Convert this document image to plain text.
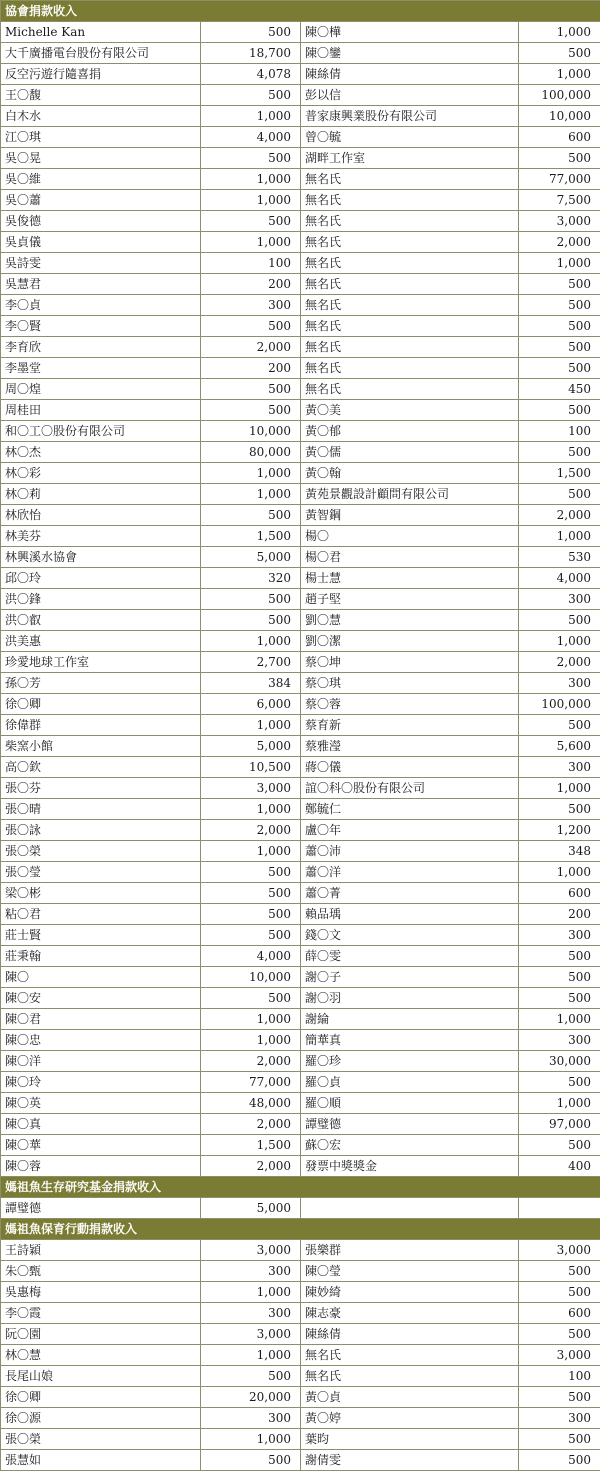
協會捐款收入			
Michelle Kan	500	陳〇樺	1,000
大千廣播電台股份有限公司	18,700	陳〇鑾	500
反空污遊行隨喜捐	4,078	陳絲倩	1,000
王〇馥	500	彭以信	100,000
白木水	1,000	普家康興業股份有限公司	10,000
江〇琪	4,000	曾〇毓	600
吳〇晃	500	湖畔工作室	500
吳〇維	1,000	無名氏	77,000
吳〇蕭	1,000	無名氏	7,500
吳俊德	500	無名氏	3,000
吳貞儀	1,000	無名氏	2,000
吳詩雯	100	無名氏	1,000
吳慧君	200	無名氏	500
李〇貞	300	無名氏	500
李〇賢	500	無名氏	500
李育欣	2,000	無名氏	500
李墨堂	200	無名氏	500
周〇煌	500	無名氏	450
周桂田	500	黃〇美	500
和〇工〇股份有限公司	10,000	黃〇郁	100
林〇杰	80,000	黃〇儒	500
林〇彩	1,000	黃〇翰	1,500
林〇莉	1,000	黃苑景觀設計顧問有限公司	500
林欣怡	500	黃智鋼	2,000
林美芬	1,500	楊〇	1,000
林興溪水協會	5,000	楊〇君	530
邱〇玲	320	楊士慧	4,000
洪〇鋒	500	趙子堅	300
洪〇叡	500	劉〇慧	500
洪美惠	1,000	劉〇潔	1,000
珍愛地球工作室	2,700	蔡〇坤	2,000
孫〇芳	384	蔡〇琪	300
徐〇卿	6,000	蔡〇蓉	100,000
徐偉群	1,000	蔡育新	500
柴窯小館	5,000	蔡雅瀅	5,600
高〇欽	10,500	蔣〇儀	300
張〇芬	3,000	誼〇科〇股份有限公司	1,000
張〇晴	1,000	鄭毓仁	500
張〇詠	2,000	盧〇年	1,200
張〇榮	1,000	蕭〇沛	348
張〇瑩	500	蕭〇洋	1,000
梁〇彬	500	蕭〇菁	600
粘〇君	500	賴品瑀	200
莊士賢	500	錢〇文	300
莊秉翰	4,000	薛〇雯	500
陳〇	10,000	謝〇子	500
陳〇安	500	謝〇羽	500
陳〇君	1,000	謝綸	1,000
陳〇忠	1,000	簡華真	300
陳〇洋	2,000	羅〇珍	30,000
陳〇玲	77,000	羅〇貞	500
陳〇英	48,000	羅〇順	1,000
陳〇真	2,000	譚璧德	97,000
陳〇華	1,500	蘇〇宏	500
陳〇蓉	2,000	發票中獎獎金	400
媽祖魚生存研究基金捐款收入			
譚璧德	5,000		
媽祖魚保育行動捐款收入			
王詩穎	3,000	張樂群	3,000
朱〇甄	300	陳〇瑩	500
吳惠梅	1,000	陳妙綺	500
李〇霞	300	陳志豪	600
阮〇園	3,000	陳絲倩	500
林〇慧	1,000	無名氏	3,000
長尾山娘	500	無名氏	100
徐〇卿	20,000	黃〇貞	500
徐〇源	300	黃〇婷	300
張〇榮	1,000	葉昀	500
張慧如	500	謝倩雯	500
